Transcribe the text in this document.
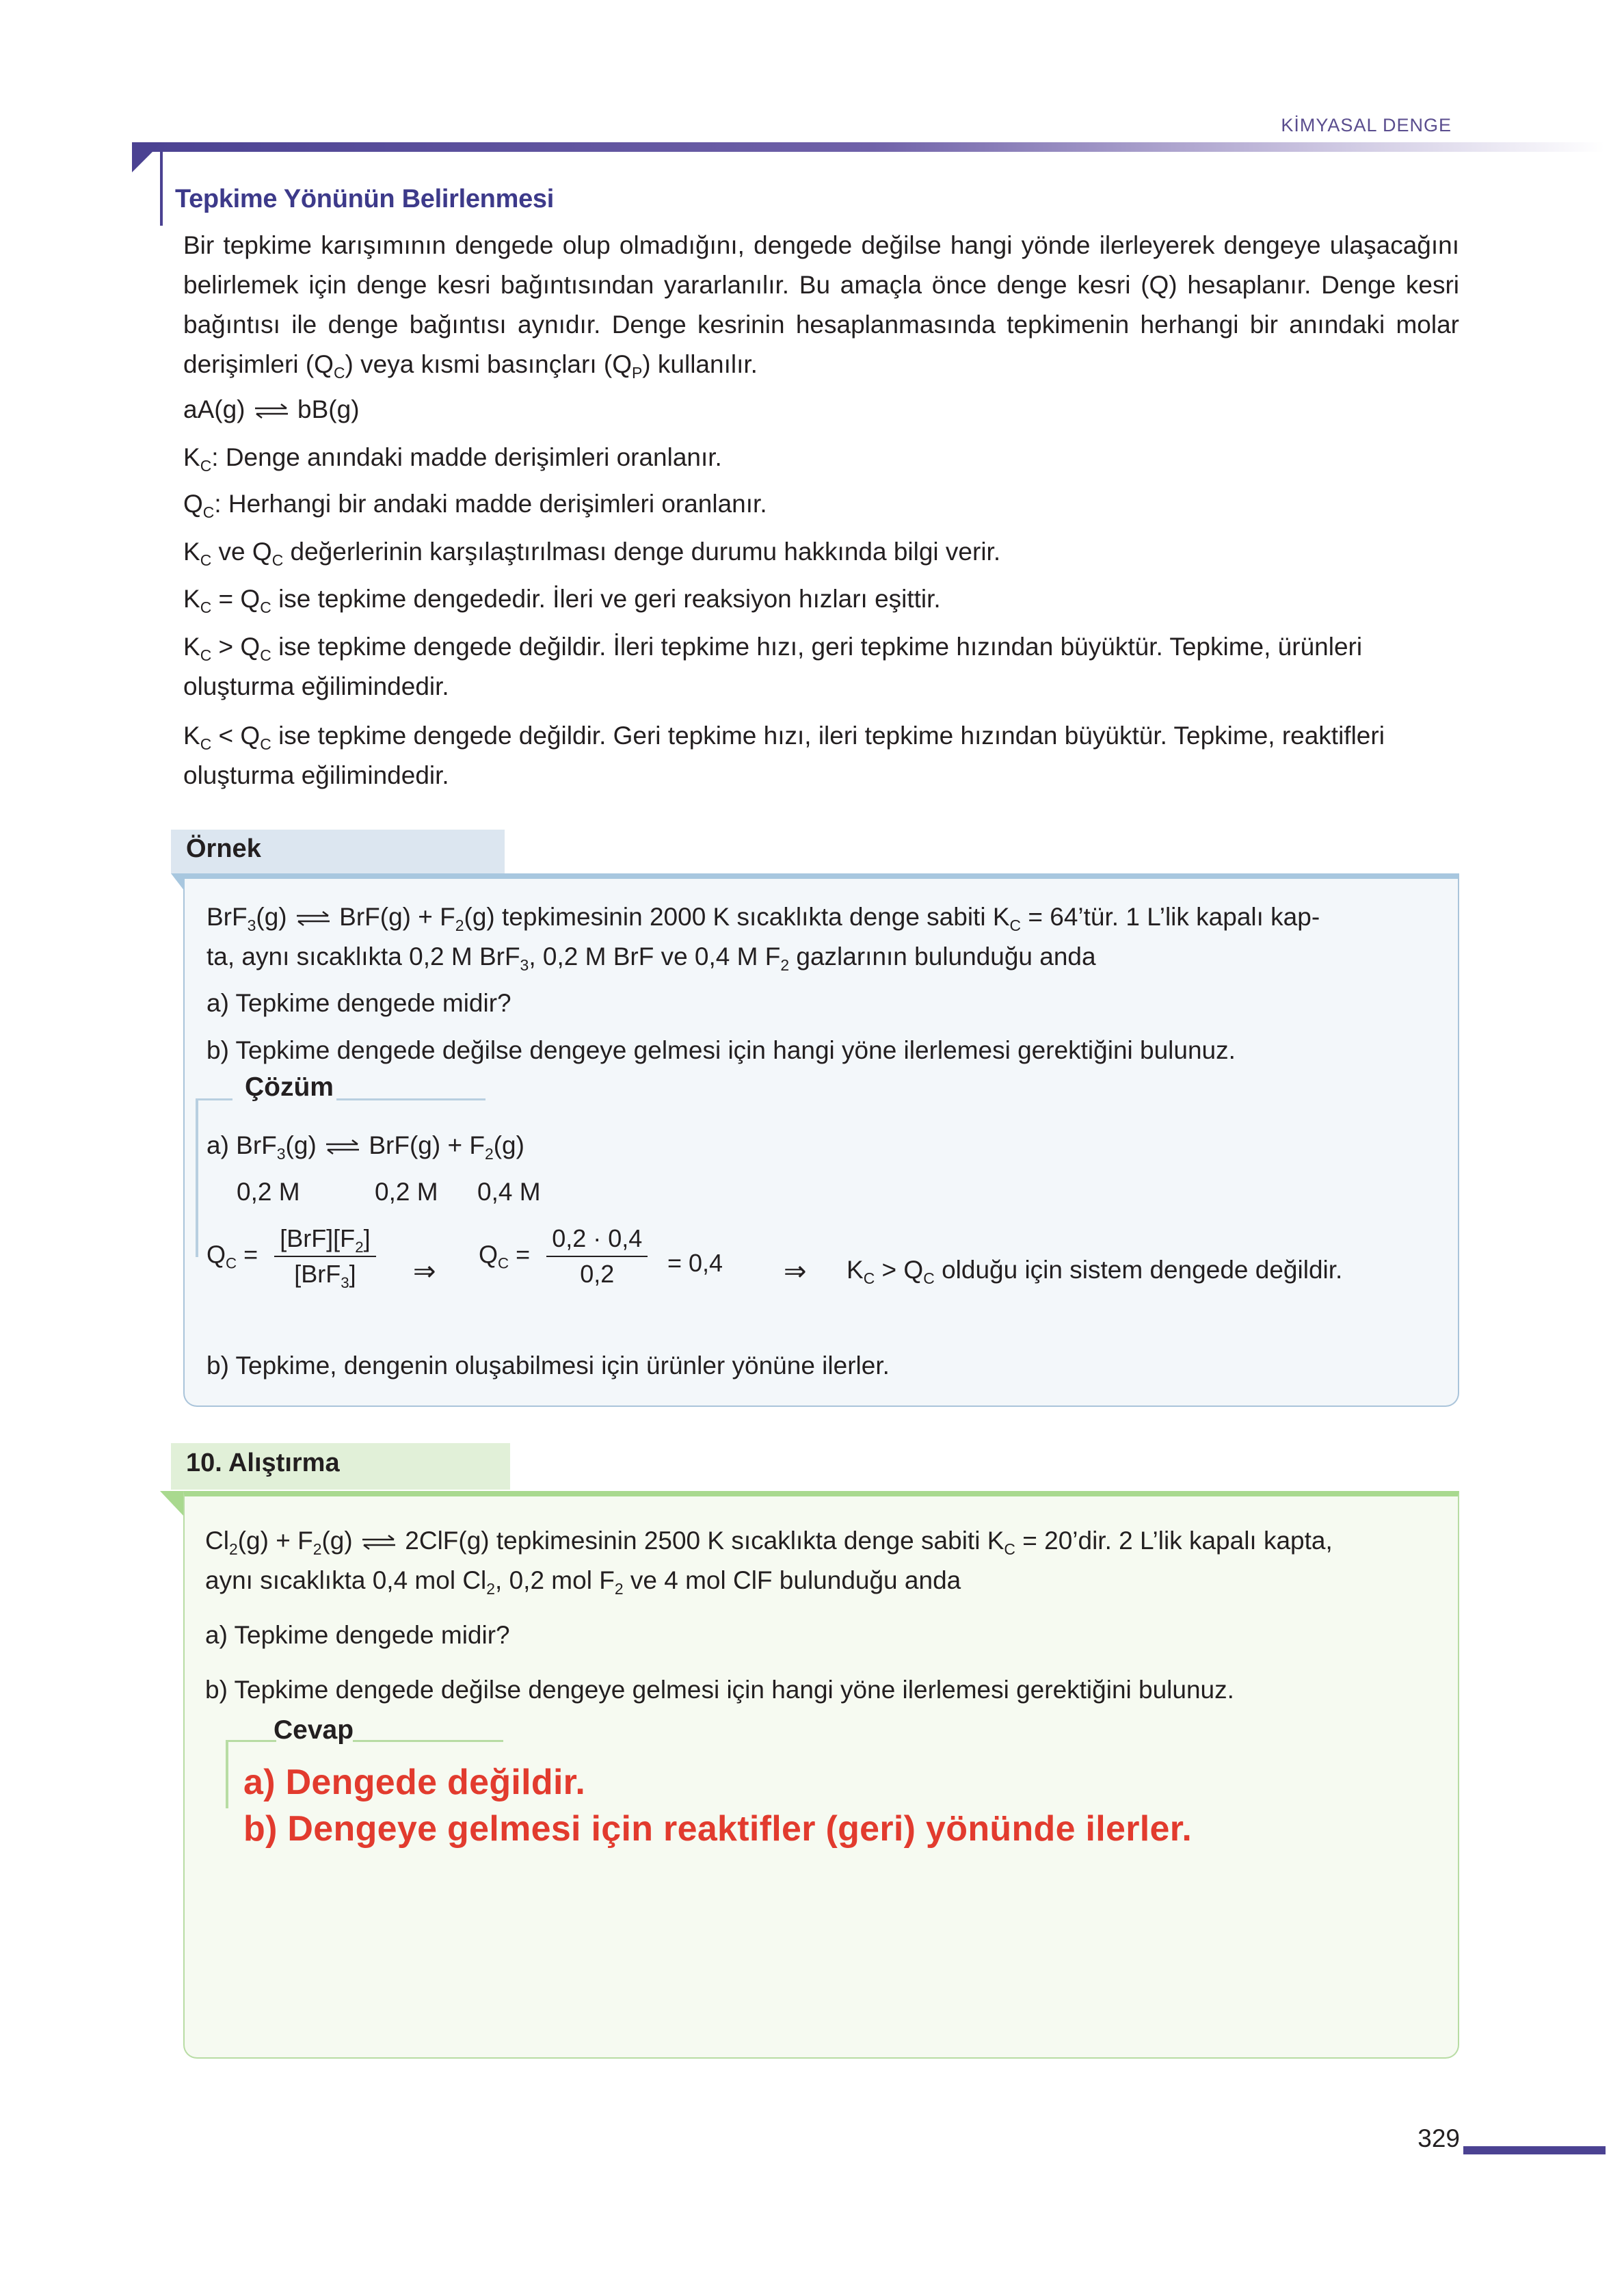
KİMYASAL DENGE
Tepkime Yönünün Belirlenmesi
Bir tepkime karışımının dengede olup olmadığını, dengede değilse hangi yönde ilerleyerek dengeye ulaşacağını belirlemek için denge kesri bağıntısından yararlanılır. Bu amaçla önce denge kesri (Q) hesaplanır. Denge kesri bağıntısı ile denge bağıntısı aynıdır. Denge kesrinin hesaplanmasında tepkimenin herhangi bir anındaki molar derişimleri $(Q_C)$ veya kısmi basınçları $(Q_P)$ kullanılır.
aA(g) ⇌ bB(g)
$K_C$: Denge anındaki madde derişimleri oranlanır.
$Q_C$: Herhangi bir andaki madde derişimleri oranlanır.
$K_C$ ve $Q_C$ değerlerinin karşılaştırılması denge durumu hakkında bilgi verir.
$K_C = Q_C$ ise tepkime dengededir. İleri ve geri reaksiyon hızları eşittir.
$K_C > Q_C$ ise tepkime dengede değildir. İleri tepkime hızı, geri tepkime hızından büyüktür. Tepkime, ürünleri
oluşturma eğilimindedir.
$K_C < Q_C$ ise tepkime dengede değildir. Geri tepkime hızı, ileri tepkime hızından büyüktür. Tepkime, reaktifleri
oluşturma eğilimindedir.
Örnek
BrF$_3$(g) ⇌ $BrF(g) + F_2(g)$ tepkimesinin 2000 K sıcaklıkta denge sabiti $K_C$ = 64’tür. 1 L’lik kapalı kap-
ta, aynı sıcaklıkta 0,2 M BrF$_3$, 0,2 M BrF ve 0,4 M $F_2$ gazlarının bulunduğu anda
a) Tepkime dengede midir?
b) Tepkime dengede değilse dengeye gelmesi için hangi yöne ilerlemesi gerektiğini bulunuz.
Çözüm
a) BrF$_3$(g) ⇌ $BrF(g) + F_2(g)$
0,2 M	0,2 M 0,4 M
$Q_C = \frac{[BrF][F_2]}{[BrF_3]}$ ⇒
$Q_C = \frac{0,2 \cdot 0,4}{0,2} = 0,4$ ⇒ $K_C > Q_C$ olduğu için sistem dengede değildir.
b) Tepkime, dengenin oluşabilmesi için ürünler yönüne ilerler.
10. Alıştırma
$Cl_2(g) + F_2(g)$ ⇌ 2ClF(g) tepkimesinin 2500 K sıcaklıkta denge sabiti $K_C$ = 20’dir. 2 L’lik kapalı kapta,
aynı sıcaklıkta 0,4 mol $Cl_2$, 0,2 mol $F_2$ ve 4 mol ClF bulunduğu anda
a) Tepkime dengede midir?
b) Tepkime dengede değilse dengeye gelmesi için hangi yöne ilerlemesi gerektiğini bulunuz.
Cevap
a) Dengede değildir.
b) Dengeye gelmesi için reaktifler (geri) yönünde ilerler.
329
